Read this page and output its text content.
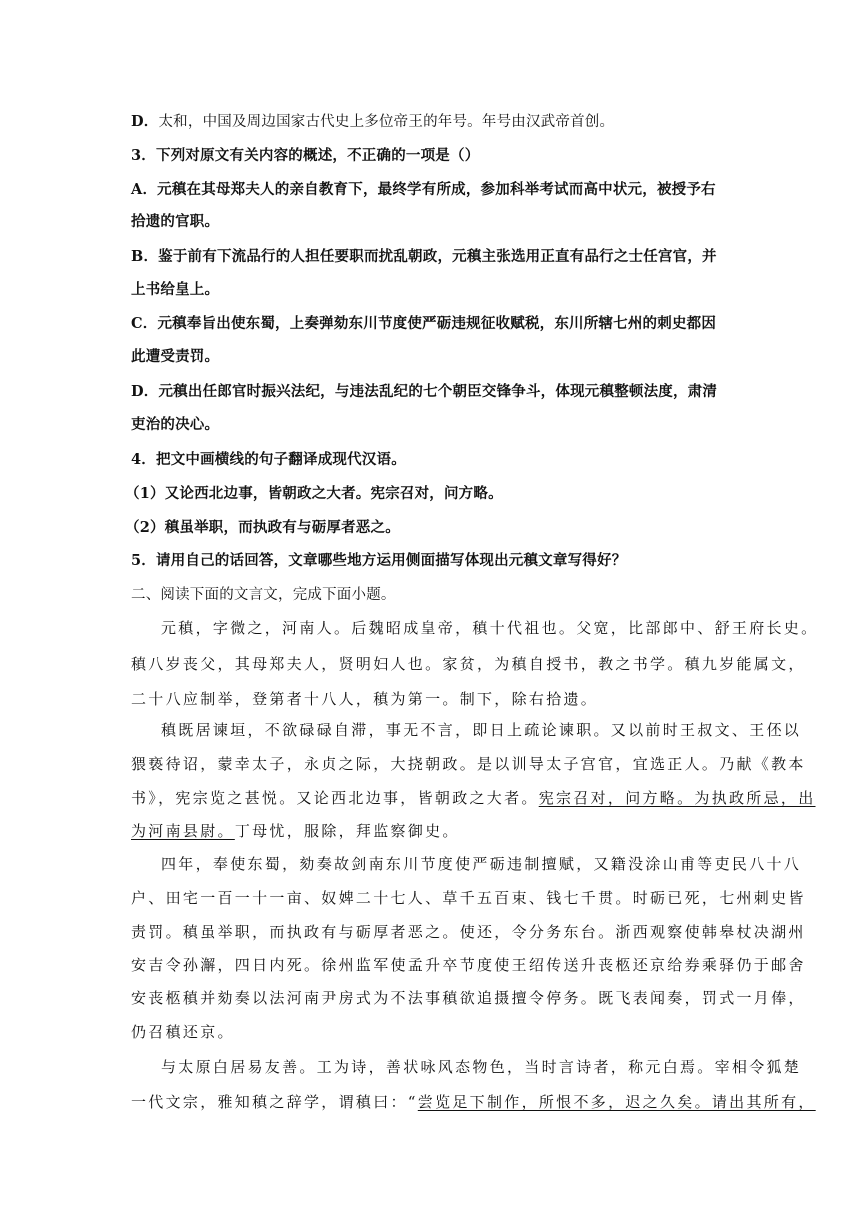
D．太和，中国及周边国家古代史上多位帝王的年号。年号由汉武帝首创。
3．下列对原文有关内容的概述，不正确的一项是（）
A．元稹在其母郑夫人的亲自教育下，最终学有所成，参加科举考试而高中状元，被授予右
拾遗的官职。
B．鉴于前有下流品行的人担任要职而扰乱朝政，元稹主张选用正直有品行之士任宫官，并
上书给皇上。
C．元稹奉旨出使东蜀，上奏弹劾东川节度使严砺违规征收赋税，东川所辖七州的刺史都因
此遭受责罚。
D．元稹出任郎官时振兴法纪，与违法乱纪的七个朝臣交锋争斗，体现元稹整顿法度，肃清
吏治的决心。
4．把文中画横线的句子翻译成现代汉语。
（1）又论西北边事，皆朝政之大者。宪宗召对，问方略。
（2）稹虽举职，而执政有与砺厚者恶之。
5．请用自己的话回答，文章哪些地方运用侧面描写体现出元稹文章写得好？
二、阅读下面的文言文，完成下面小题。
元稹，字微之，河南人。后魏昭成皇帝，稹十代祖也。父宽，比部郎中、舒王府长史。
稹八岁丧父，其母郑夫人，贤明妇人也。家贫，为稹自授书，教之书学。稹九岁能属文，
二十八应制举，登第者十八人，稹为第一。制下，除右拾遗。
稹既居谏垣，不欲碌碌自滞，事无不言，即日上疏论谏职。又以前时王叔文、王伾以
猥亵待诏，蒙幸太子，永贞之际，大挠朝政。是以训导太子宫官，宜选正人。乃献《教本
书》，宪宗览之甚悦。又论西北边事，皆朝政之大者。宪宗召对，问方略。为执政所忌，出
为河南县尉。丁母忧，服除，拜监察御史。
四年，奉使东蜀，劾奏故剑南东川节度使严砺违制擅赋，又籍没涂山甫等吏民八十八
户、田宅一百一十一亩、奴婢二十七人、草千五百束、钱七千贯。时砺已死，七州刺史皆
责罚。稹虽举职，而执政有与砺厚者恶之。使还，令分务东台。浙西观察使韩皋杖决湖州
安吉令孙澥，四日内死。徐州监军使孟升卒节度使王绍传送升丧柩还京给券乘驿仍于邮舍
安丧柩稹并劾奏以法河南尹房式为不法事稹欲追摄擅令停务。既飞表闻奏，罚式一月俸，
仍召稹还京。
与太原白居易友善。工为诗，善状咏风态物色，当时言诗者，称元白焉。宰相令狐楚
一代文宗，雅知稹之辞学，谓稹曰：“尝览足下制作，所恨不多，迟之久矣。请出其所有，
